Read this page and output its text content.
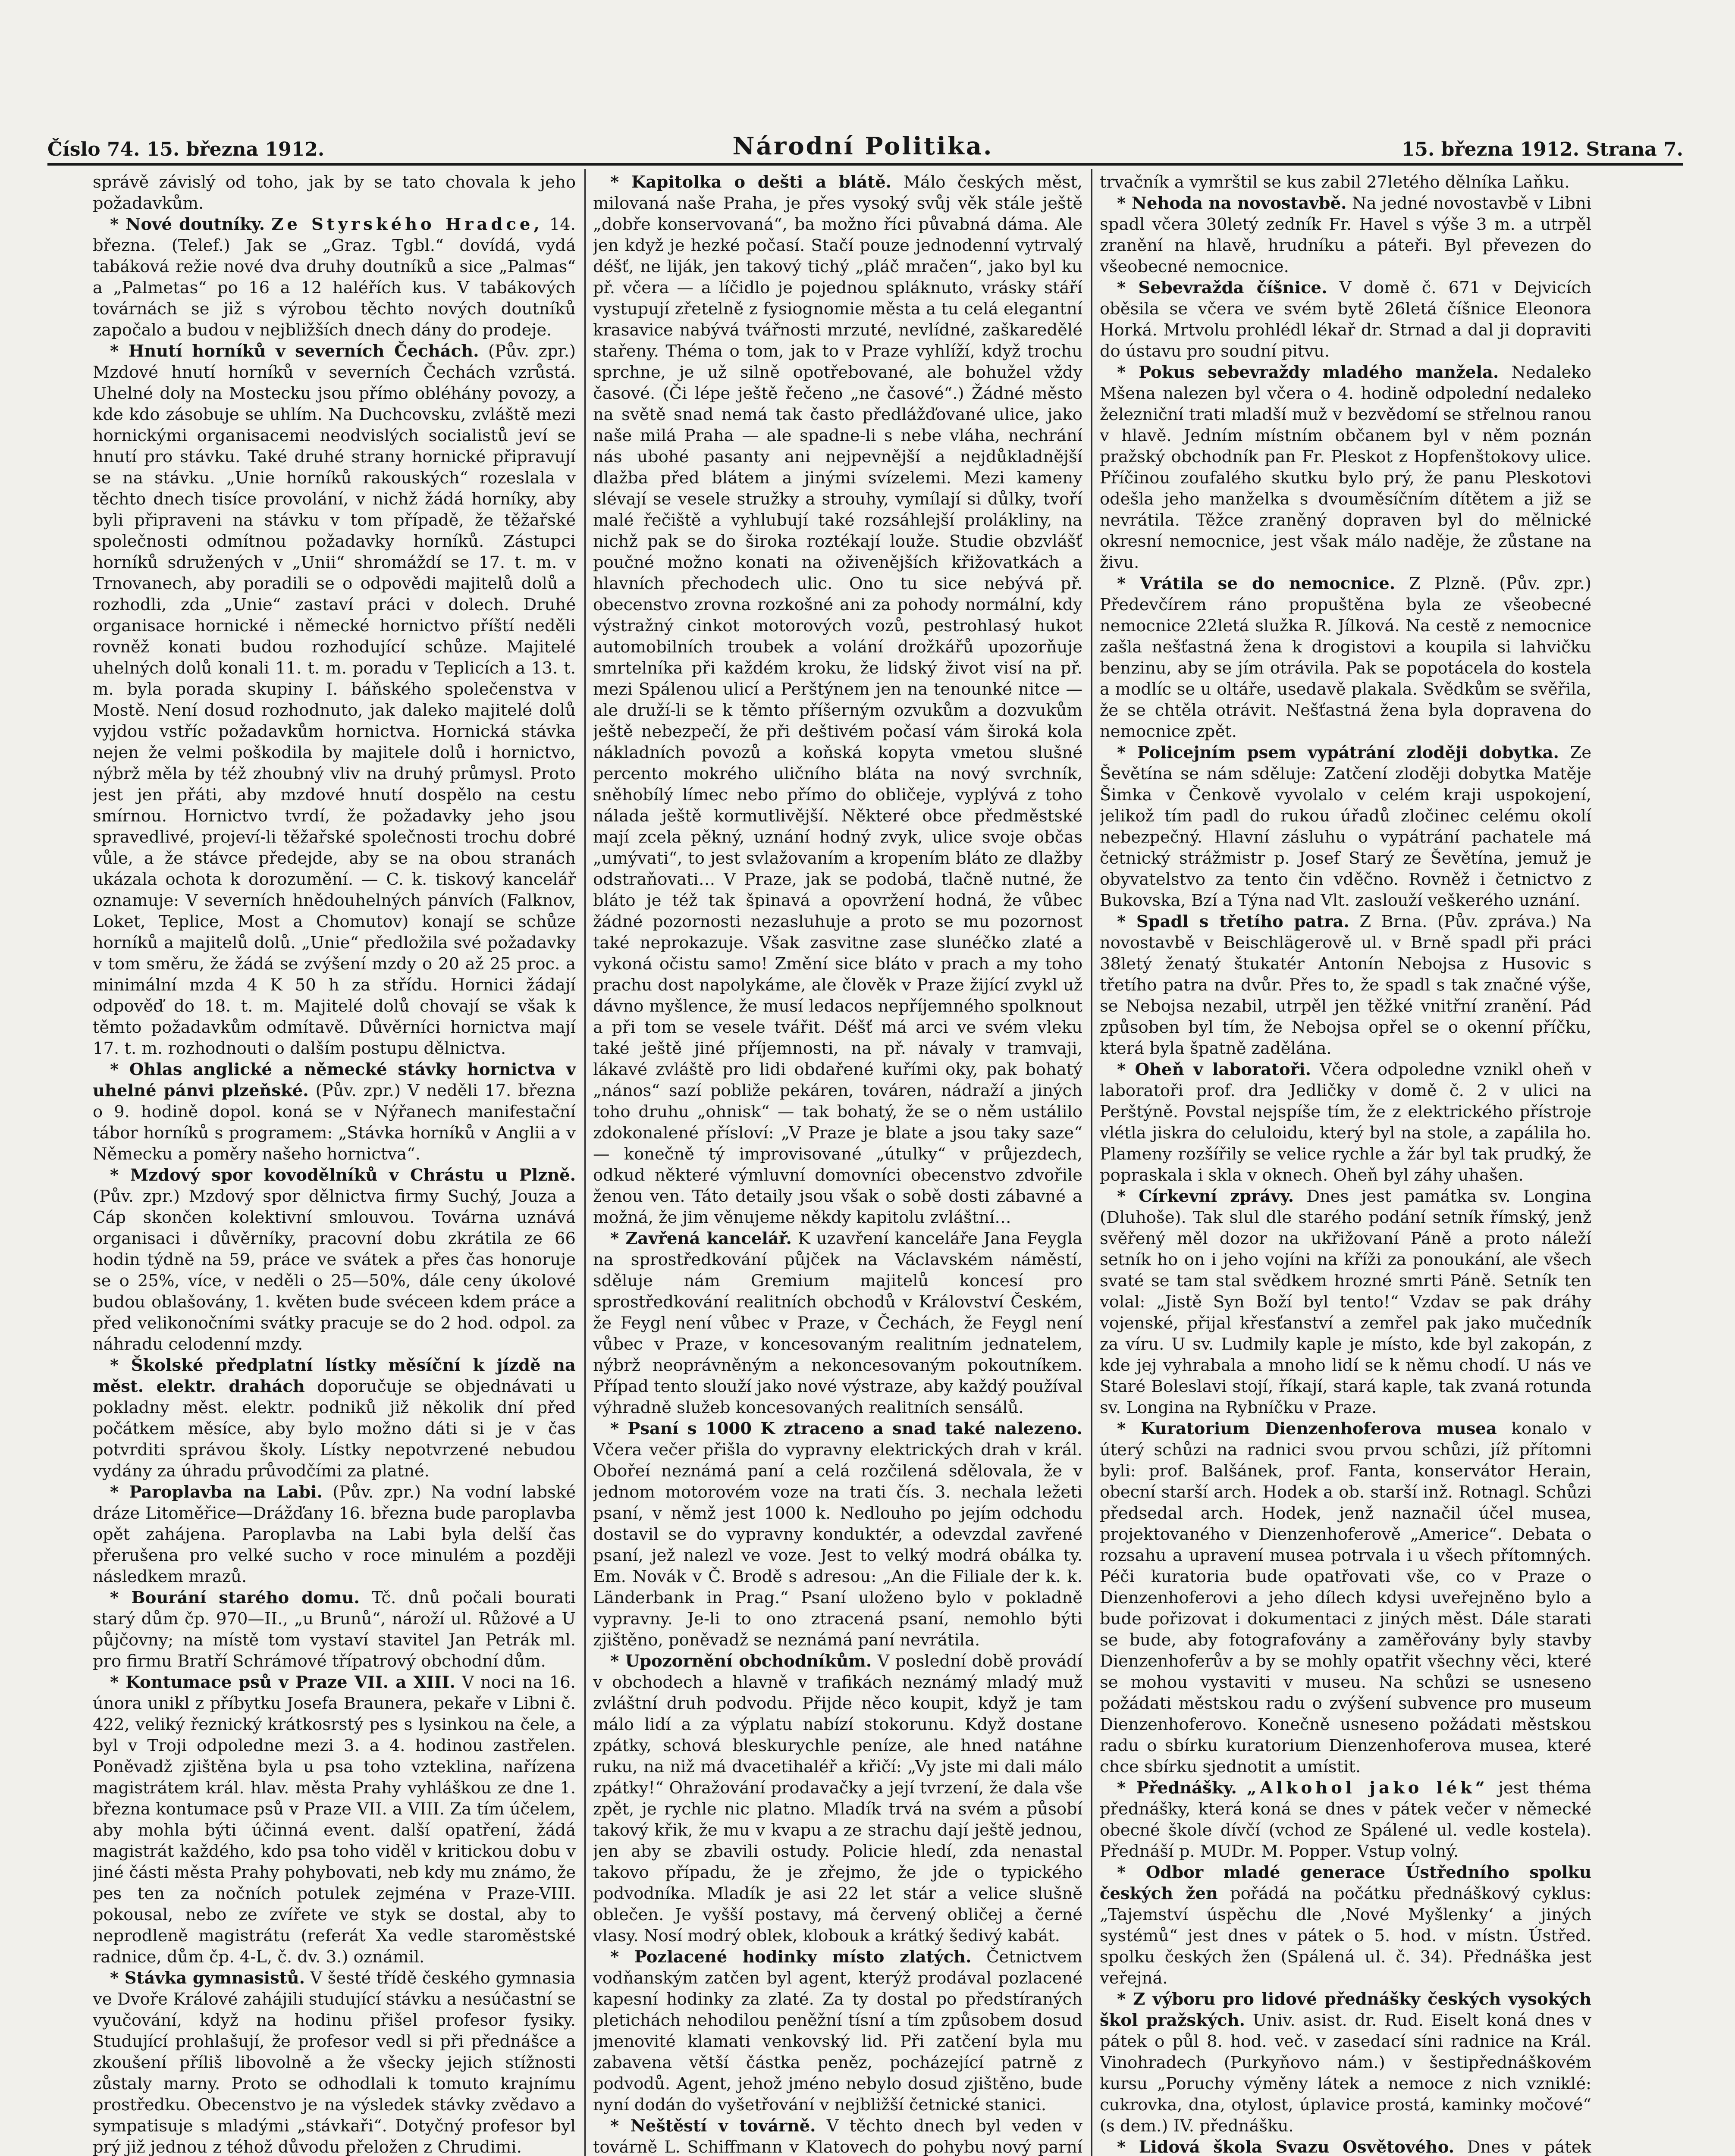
Číslo 74. 15. března 1912.	Národní Politika.	15. března 1912. Strana 7.

správě závislý od toho, jak by se tato chovala k jeho požadavkům.

* Nové doutníky. Ze Styrského Hradce, 14. března. (Telef.) Jak se „Graz. Tgbl.“ dovídá, vydá tabáková režie nové dva druhy doutníků a sice „Palmas“ a „Palmetas“ po 16 a 12 haléřích kus. V tabákových továrnách se již s výrobou těchto nových doutníků započalo a budou v nejbližších dnech dány do prodeje.

* Hnutí horníků v severních Čechách. (Pův. zpr.) Mzdové hnutí horníků v severních Čechách vzrůstá. Uhelné doly na Mostecku jsou přímo obléhány povozy, a kde kdo zásobuje se uhlím. Na Duchcovsku, zvláště mezi hornickými organisacemi neodvislých socialistů jeví se hnutí pro stávku. Také druhé strany hornické připravují se na stávku. „Unie horníků rakouských“ rozeslala v těchto dnech tisíce provolání, v nichž žádá horníky, aby byli připraveni na stávku v tom případě, že těžařské společnosti odmítnou požadavky horníků. Zástupci horníků sdružených v „Unii“ shromáždí se 17. t. m. v Trnovanech, aby poradili se o odpovědi majitelů dolů a rozhodli, zda „Unie“ zastaví práci v dolech. Druhé organisace hornické i německé hornictvo příští neděli rovněž konati budou rozhodující schůze. Majitelé uhelných dolů konali 11. t. m. poradu v Teplicích a 13. t. m. byla porada skupiny I. báňského společenstva v Mostě. Není dosud rozhodnuto, jak daleko majitelé dolů vyjdou vstříc požadavkům hornictva. Hornická stávka nejen že velmi poškodila by majitele dolů i hornictvo, nýbrž měla by též zhoubný vliv na druhý průmysl. Proto jest jen přáti, aby mzdové hnutí dospělo na cestu smírnou. Hornictvo tvrdí, že požadavky jeho jsou spravedlivé, projeví-li těžařské společnosti trochu dobré vůle, a že stávce předejde, aby se na obou stranách ukázala ochota k dorozumění. — C. k. tiskový kancelář oznamuje: V severních hnědouhelných pánvích (Falknov, Loket, Teplice, Most a Chomutov) konají se schůze horníků a majitelů dolů. „Unie“ předložila své požadavky v tom směru, že žádá se zvýšení mzdy o 20 až 25 proc. a minimální mzda 4 K 50 h za střídu. Hornici žádají odpověď do 18. t. m. Majitelé dolů chovají se však k těmto požadavkům odmítavě. Důvěrníci hornictva mají 17. t. m. rozhodnouti o dalším postupu dělnictva.

* Ohlas anglické a německé stávky hornictva v uhelné pánvi plzeňské. (Pův. zpr.) V neděli 17. března o 9. hodině dopol. koná se v Nýřanech manifestační tábor horníků s programem: „Stávka horníků v Anglii a v Německu a poměry našeho hornictva“.

* Mzdový spor kovodělníků v Chrástu u Plzně. (Pův. zpr.) Mzdový spor dělnictva firmy Suchý, Jouza a Cáp skončen kolektivní smlouvou. Továrna uznává organisaci i důvěrníky, pracovní dobu zkrátila ze 66 hodin týdně na 59, práce ve svátek a přes čas honoruje se o 25%, více, v neděli o 25—50%, dále ceny úkolové budou oblašovány, 1. květen bude svéceen kdem práce a před velikonočními svátky pracuje se do 2 hod. odpol. za náhradu celodenní mzdy.

* Školské předplatní lístky měsíční k jízdě na měst. elektr. drahách doporučuje se objednávati u pokladny měst. elektr. podniků již několik dní před počátkem měsíce, aby bylo možno dáti si je v čas potvrditi správou školy. Lístky nepotvrzené nebudou vydány za úhradu průvodčími za platné.

* Paroplavba na Labi. (Pův. zpr.) Na vodní labské dráze Litoměřice—Drážďany 16. března bude paroplavba opět zahájena. Paroplavba na Labi byla delší čas přerušena pro velké sucho v roce minulém a později následkem mrazů.

* Bourání starého domu. Tč. dnů počali bourati starý dům čp. 970—II., „u Brunů“, nároží ul. Růžové a U půjčovny; na místě tom vystaví stavitel Jan Petrák ml. pro firmu Bratří Schrámové třípatrový obchodní dům.

* Kontumace psů v Praze VII. a XIII. V noci na 16. února unikl z příbytku Josefa Braunera, pekaře v Libni č. 422, veliký řeznický krátkosrstý pes s lysinkou na čele, a byl v Troji odpoledne mezi 3. a 4. hodinou zastřelen. Poněvadž zjištěna byla u psa toho vzteklina, nařízena magistrátem král. hlav. města Prahy vyhláškou ze dne 1. března kontumace psů v Praze VII. a VIII. Za tím účelem, aby mohla býti účinná event. další opatření, žádá magistrát každého, kdo psa toho viděl v kritickou dobu v jiné části města Prahy pohybovati, neb kdy mu známo, že pes ten za nočních potulek zejména v Praze-VIII. pokousal, nebo ze zvířete ve styk se dostal, aby to neprodleně magistrátu (referát Xa vedle staroměstské radnice, dům čp. 4-L, č. dv. 3.) oznámil.

* Stávka gymnasistů. V šesté třídě českého gymnasia ve Dvoře Králové zahájili studující stávku a nesúčastní se vyučování, když na hodinu přišel profesor fysiky. Studující prohlašují, že profesor vedl si při přednášce a zkoušení příliš libovolně a že všecky jejich stížnosti zůstaly marny. Proto se odhodlali k tomuto krajnímu prostředku. Obecenstvo je na výsledek stávky zvědavo a sympatisuje s mladými „stávkaři“. Dotyčný profesor byl prý již jednou z téhož důvodu přeložen z Chrudimi.

* Kapitolka o dešti a blátě. Málo českých měst, milovaná naše Praha, je přes vysoký svůj věk stále ještě „dobře konservovaná“, ba možno říci půvabná dáma. Ale jen když je hezké počasí. Stačí pouze jednodenní vytrvalý déšť, ne liják, jen takový tichý „pláč mračen“, jako byl ku př. včera — a líčidlo je pojednou spláknuto, vrásky stáří vystupují zřetelně z fysiognomie města a tu celá elegantní krasavice nabývá tvářnosti mrzuté, nevlídné, zaškaredělé stařeny. Théma o tom, jak to v Praze vyhlíží, když trochu sprchne, je už silně opotřebované, ale bohužel vždy časové. (Či lépe ještě řečeno „ne časové“.) Žádné město na světě snad nemá tak často předlážďované ulice, jako naše milá Praha — ale spadne-li s nebe vláha, nechrání nás ubohé pasanty ani nejpevnější a nejdůkladnější dlažba před blátem a jinými svízelemi. Mezi kameny slévají se vesele stružky a strouhy, vymílají si důlky, tvoří malé řečiště a vyhlubují také rozsáhlejší prolákliny, na nichž pak se do široka roztékají louže. Studie obzvlášť poučné možno konati na oživenějších křižovatkách a hlavních přechodech ulic. Ono tu sice nebývá př. obecenstvo zrovna rozkošné ani za pohody normální, kdy výstražný cinkot motorových vozů, pestrohlasý hukot automobilních troubek a volání drožkářů upozorňuje smrtelníka při každém kroku, že lidský život visí na př. mezi Spálenou ulicí a Perštýnem jen na tenounké nitce — ale druží-li se k těmto příšerným ozvukům a dozvukům ještě nebezpečí, že při deštivém počasí vám široká kola nákladních povozů a koňská kopyta vmetou slušné percento mokrého uličního bláta na nový svrchník, sněhobílý límec nebo přímo do obličeje, vyplývá z toho nálada ještě kormutlivější. Některé obce předměstské mají zcela pěkný, uznání hodný zvyk, ulice svoje občas „umývati“, to jest svlažovaním a kropením bláto ze dlažby odstraňovati… V Praze, jak se podobá, tlačně nutné, že bláto je též tak špinavá a opovržení hodná, že vůbec žádné pozornosti nezasluhuje a proto se mu pozornost také neprokazuje. Však zasvitne zase slunéčko zlaté a vykoná očistu samo! Změní sice bláto v prach a my toho prachu dost napolykáme, ale člověk v Praze žijící zvykl už dávno myšlence, že musí ledacos nepříjemného spolknout a při tom se vesele tvářit. Déšť má arci ve svém vleku také ještě jiné příjemnosti, na př. návaly v tramvaji, lákavé zvláště pro lidi obdařené kuřími oky, pak bohatý „nános“ sazí pobliže pekáren, továren, nádraží a jiných toho druhu „ohnisk“ — tak bohatý, že se o něm ustálilo zdokonalené přísloví: „V Praze je blate a jsou taky saze“ — konečně tý improvisované „útulky“ v průjezdech, odkud některé výmluvní domovníci obecenstvo zdvořile ženou ven. Táto detaily jsou však o sobě dosti zábavné a možná, že jim věnujeme někdy kapitolu zvláštní…

* Zavřená kancelář. K uzavření kanceláře Jana Feygla na sprostředkování půjček na Václavském náměstí, sděluje nám Gremium majitelů koncesí pro sprostředkování realitních obchodů v Království Českém, že Feygl není vůbec v Praze, v Čechách, že Feygl není vůbec v Praze, v koncesovaným realitním jednatelem, nýbrž neoprávněným a nekoncesovaným pokoutníkem. Případ tento slouží jako nové výstraze, aby každý používal výhradně služeb koncesovaných realitních sensálů.

* Psaní s 1000 K ztraceno a snad také nalezeno. Včera večer přišla do vypravny elektrických drah v král. Obořeí neznámá paní a celá rozčilená sdělovala, že v jednom motorovém voze na trati čís. 3. nechala ležeti psaní, v němž jest 1000 k. Nedlouho po jejím odchodu dostavil se do vypravny konduktér, a odevzdal zavřené psaní, jež nalezl ve voze. Jest to velký modrá obálka ty. Em. Novák v Č. Brodě s adresou: „An die Filiale der k. k. Länderbank in Prag.“ Psaní uloženo bylo v pokladně vypravny. Je-li to ono ztracená psaní, nemohlo býti zjištěno, poněvadž se neznámá paní nevrátila.

* Upozornění obchodníkům. V poslední době provádí v obchodech a hlavně v trafikách neznámý mladý muž zvláštní druh podvodu. Přijde něco koupit, když je tam málo lidí a za výplatu nabízí stokorunu. Když dostane zpátky, schová bleskurychle peníze, ale hned natáhne ruku, na niž má dvacetihaléř a křičí: „Vy jste mi dali málo zpátky!“ Ohražování prodavačky a její tvrzení, že dala vše zpět, je rychle nic platno. Mladík trvá na svém a působí takový křik, že mu v kvapu a ze strachu dají ještě jednou, jen aby se zbavili ostudy. Policie hledí, zda nenastal takovo případu, že je zřejmo, že jde o typického podvodníka. Mladík je asi 22 let stár a velice slušně oblečen. Je vyšší postavy, má červený obličej a černé vlasy. Nosí modrý oblek, klobouk a krátký šedivý kabát.

* Pozlacené hodinky místo zlatých. Četnictvem vodňanským zatčen byl agent, kterýž prodával pozlacené kapesní hodinky za zlaté. Za ty dostal po předstíraných pletichách nehodilou peněžní tísní a tím způsobem dosud jmenovité klamati venkovský lid. Při zatčení byla mu zabavena větší částka peněz, pocházející patrně z podvodů. Agent, jehož jméno nebylo dosud zjištěno, bude nyní dodán do vyšetřování v nejbližší četnické stanici.

* Neštěstí v továrně. V těchto dnech byl veden v továrně L. Schiffmann v Klatovech do pohybu nový parní

trvačník a vymrštil se kus zabil 27letého dělníka Laňku.

* Nehoda na novostavbě. Na jedné novostavbě v Libni spadl včera 30letý zedník Fr. Havel s výše 3 m. a utrpěl zranění na hlavě, hrudníku a páteři. Byl převezen do všeobecné nemocnice.

* Sebevražda číšnice. V domě č. 671 v Dejvicích oběsila se včera ve svém bytě 26letá číšnice Eleonora Horká. Mrtvolu prohlédl lékař dr. Strnad a dal ji dopraviti do ústavu pro soudní pitvu.

* Pokus sebevraždy mladého manžela. Nedaleko Mšena nalezen byl včera o 4. hodině odpolední nedaleko železniční trati mladší muž v bezvědomí se střelnou ranou v hlavě. Jedním místním občanem byl v něm poznán pražský obchodník pan Fr. Pleskot z Hopfenštokovy ulice. Příčinou zoufalého skutku bylo prý, že panu Pleskotovi odešla jeho manželka s dvouměsíčním dítětem a již se nevrátila. Těžce zraněný dopraven byl do mělnické okresní nemocnice, jest však málo naděje, že zůstane na živu.

* Vrátila se do nemocnice. Z Plzně. (Pův. zpr.) Předevčírem ráno propuštěna byla ze všeobecné nemocnice 22letá služka R. Jílková. Na cestě z nemocnice zašla nešťastná žena k drogistovi a koupila si lahvičku benzinu, aby se jím otrávila. Pak se popotácela do kostela a modlíc se u oltáře, usedavě plakala. Svědkům se svěřila, že se chtěla otrávit. Nešťastná žena byla dopravena do nemocnice zpět.

* Policejním psem vypátrání zloději dobytka. Ze Ševětína se nám sděluje: Zatčení zloději dobytka Matěje Šimka v Čenkově vyvolalo v celém kraji uspokojení, jelikož tím padl do rukou úřadů zločinec celému okolí nebezpečný. Hlavní zásluhu o vypátrání pachatele má četnický strážmistr p. Josef Starý ze Ševětína, jemuž je obyvatelstvo za tento čin vděčno. Rovněž i četnictvo z Bukovska, Bzí a Týna nad Vlt. zaslouží veškerého uznání.

* Spadl s třetího patra. Z Brna. (Pův. zpráva.) Na novostavbě v Beischlägerově ul. v Brně spadl při práci 38letý ženatý štukatér Antonín Nebojsa z Husovic s třetího patra na dvůr. Přes to, že spadl s tak značné výše, se Nebojsa nezabil, utrpěl jen těžké vnitřní zranění. Pád způsoben byl tím, že Nebojsa opřel se o okenní příčku, která byla špatně zadělána.

* Oheň v laboratoři. Včera odpoledne vznikl oheň v laboratoři prof. dra Jedličky v domě č. 2 v ulici na Perštýně. Povstal nejspíše tím, že z elektrického přístroje vlétla jiskra do celuloidu, který byl na stole, a zapálila ho. Plameny rozšířily se velice rychle a žár byl tak prudký, že popraskala i skla v oknech. Oheň byl záhy uhašen.

* Církevní zprávy. Dnes jest památka sv. Longina (Dluhoše). Tak slul dle starého podání setník římský, jenž svěřený měl dozor na ukřižovaní Páně a proto náleží setník ho on i jeho vojíni na kříži za ponoukání, ale všech svaté se tam stal svědkem hrozné smrti Páně. Setník ten volal: „Jistě Syn Boží byl tento!“ Vzdav se pak dráhy vojenské, přijal křesťanství a zemřel pak jako mučedník za víru. U sv. Ludmily kaple je místo, kde byl zakopán, z kde jej vyhrabala a mnoho lidí se k němu chodí. U nás ve Staré Boleslavi stojí, říkají, stará kaple, tak zvaná rotunda sv. Longina na Rybníčku v Praze.

* Kuratorium Dienzenhoferova musea konalo v úterý schůzi na radnici svou prvou schůzi, jíž přítomni byli: prof. Balšánek, prof. Fanta, konservátor Herain, obecní starší arch. Hodek a ob. starší inž. Rotnagl. Schůzi předsedal arch. Hodek, jenž naznačil účel musea, projektovaného v Dienzenhoferově „Americe“. Debata o rozsahu a upravení musea potrvala i u všech přítomných. Péči kuratoria bude opatřovati vše, co v Praze o Dienzenhoferovi a jeho dílech kdysi uveřejněno bylo a bude pořizovat i dokumentaci z jiných měst. Dále starati se bude, aby fotografovány a zaměřovány byly stavby Dienzenhoferův a by se mohly opatřit všechny věci, které se mohou vystaviti v museu. Na schůzi se usneseno požádati městskou radu o zvýšení subvence pro museum Dienzenhoferovo. Konečně usneseno požádati městskou radu o sbírku kuratorium Dienzenhoferova musea, které chce sbírku sjednotit a umístit.

* Přednášky. „Alkohol jako lék“ jest théma přednášky, která koná se dnes v pátek večer v německé obecné škole dívčí (vchod ze Spálené ul. vedle kostela). Přednáší p. MUDr. M. Popper. Vstup volný.

* Odbor mladé generace Ústředního spolku českých žen pořádá na počátku přednáškový cyklus: „Tajemství úspěchu dle ,Nové Myšlenky‘ a jiných systémů“ jest dnes v pátek o 5. hod. v místn. Ústřed. spolku českých žen (Spálená ul. č. 34). Přednáška jest veřejná.

* Z výboru pro lidové přednášky českých vysokých škol pražských. Univ. asist. dr. Rud. Eiselt koná dnes v pátek o půl 8. hod. več. v zasedací síni radnice na Král. Vinohradech (Purkyňovo nám.) v šestipřednáškovém kursu „Poruchy výměny látek a nemoce z nich vzniklé: cukrovka, dna, otylost, úplavice prostá, kaminky močové“ (s dem.) IV. přednášku.

* Lidová škola Svazu Osvětového. Dnes v pátek
